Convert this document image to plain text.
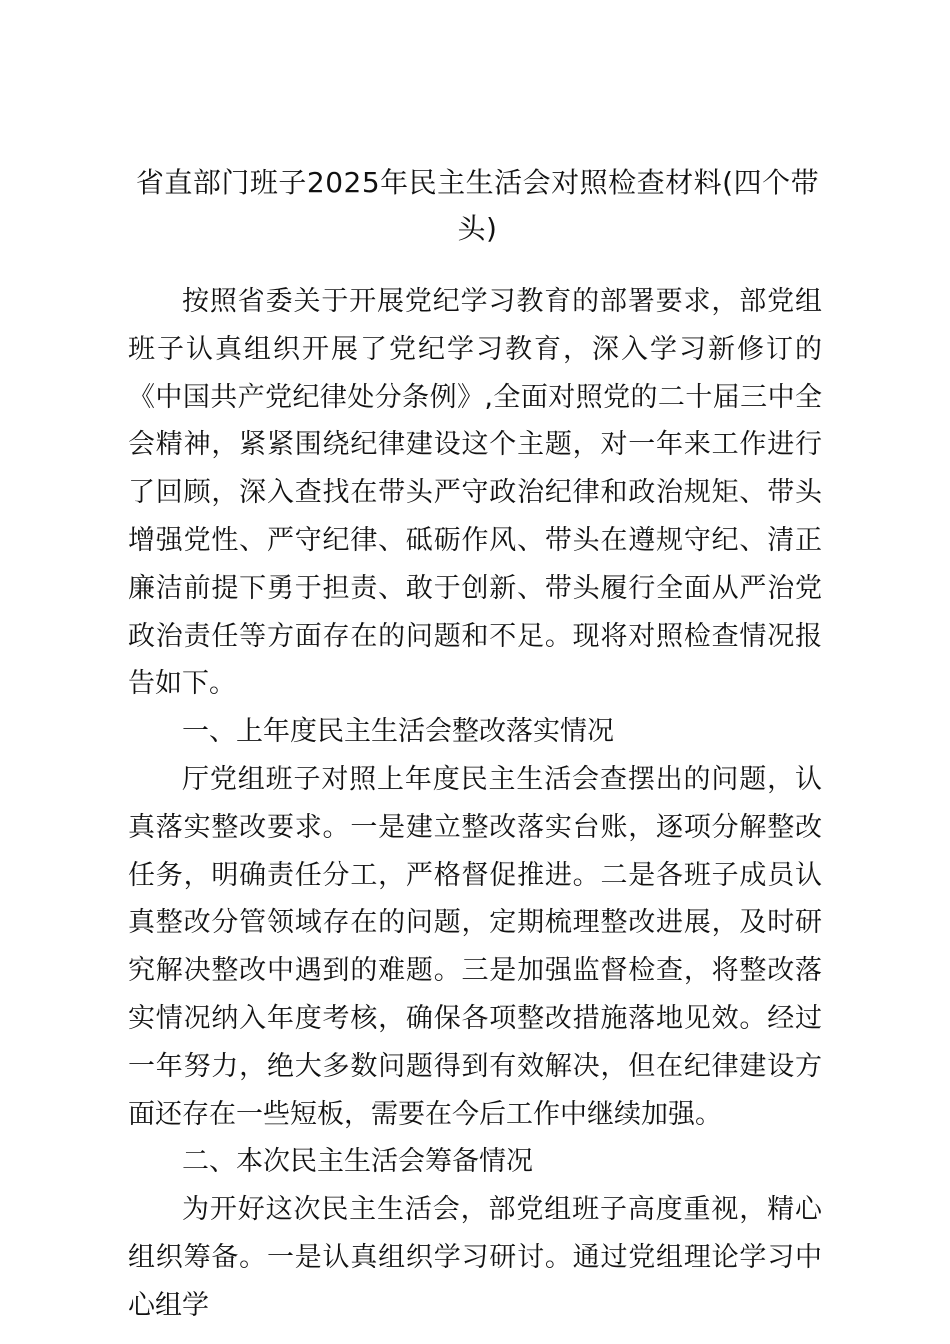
省直部门班子2025年民主生活会对照检查材料(四个带头)

按照省委关于开展党纪学习教育的部署要求，部党组班子认真组织开展了党纪学习教育，深入学习新修订的《中国共产党纪律处分条例》,全面对照党的二十届三中全会精神，紧紧围绕纪律建设这个主题，对一年来工作进行了回顾，深入查找在带头严守政治纪律和政治规矩、带头增强党性、严守纪律、砥砺作风、带头在遵规守纪、清正廉洁前提下勇于担责、敢于创新、带头履行全面从严治党政治责任等方面存在的问题和不足。现将对照检查情况报告如下。

一、上年度民主生活会整改落实情况

厅党组班子对照上年度民主生活会查摆出的问题，认真落实整改要求。一是建立整改落实台账，逐项分解整改任务，明确责任分工，严格督促推进。二是各班子成员认真整改分管领域存在的问题，定期梳理整改进展，及时研究解决整改中遇到的难题。三是加强监督检查，将整改落实情况纳入年度考核，确保各项整改措施落地见效。经过一年努力，绝大多数问题得到有效解决，但在纪律建设方面还存在一些短板，需要在今后工作中继续加强。

二、本次民主生活会筹备情况

为开好这次民主生活会，部党组班子高度重视，精心组织筹备。一是认真组织学习研讨。通过党组理论学习中心组学
